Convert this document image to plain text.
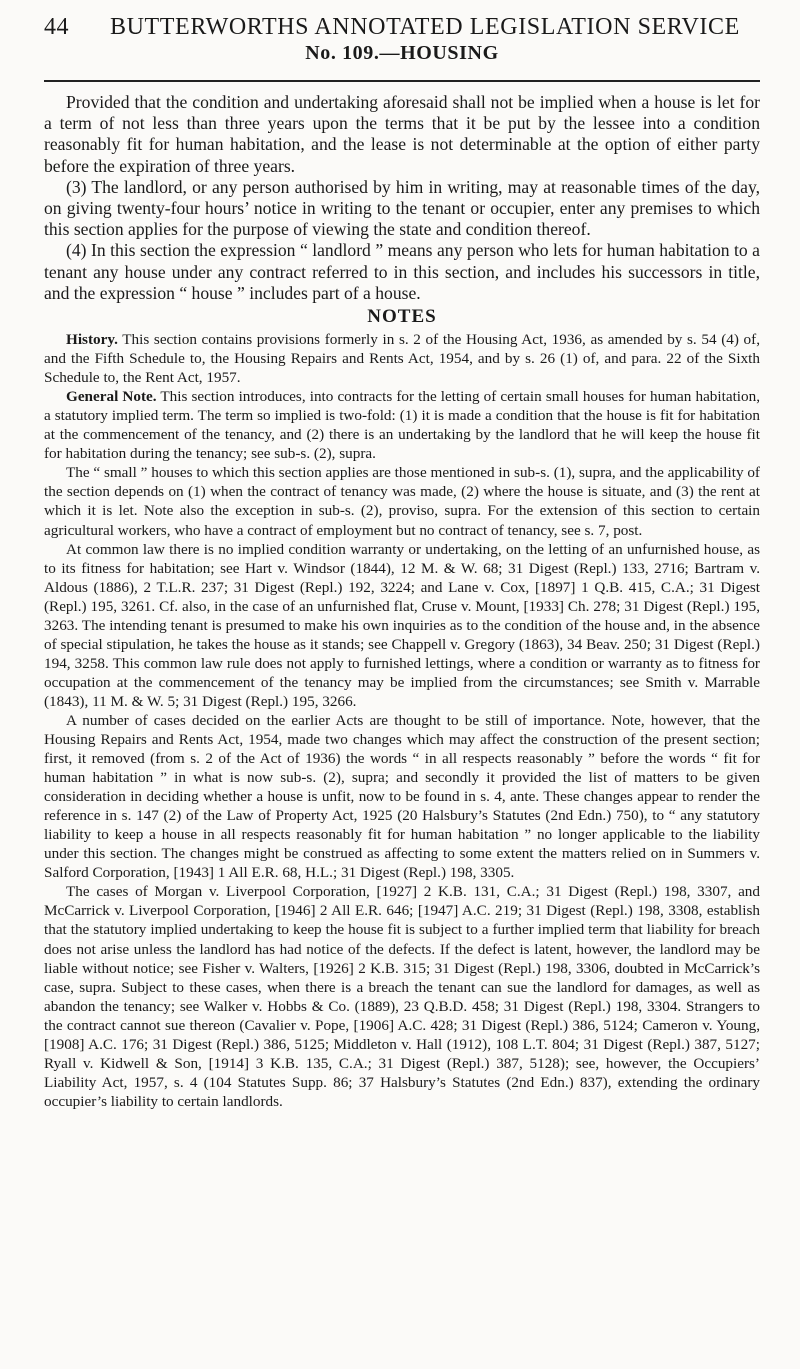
44 BUTTERWORTHS ANNOTATED LEGISLATION SERVICE
No. 109.—HOUSING

Provided that the condition and undertaking aforesaid shall not be implied when a house is let for a term of not less than three years upon the terms that it be put by the lessee into a condition reasonably fit for human habitation, and the lease is not determinable at the option of either party before the expiration of three years.

(3) The landlord, or any person authorised by him in writing, may at reasonable times of the day, on giving twenty-four hours’ notice in writing to the tenant or occupier, enter any premises to which this section applies for the purpose of viewing the state and condition thereof.

(4) In this section the expression “ landlord ” means any person who lets for human habitation to a tenant any house under any contract referred to in this section, and includes his successors in title, and the expression “ house ” includes part of a house.

NOTES

History. This section contains provisions formerly in s. 2 of the Housing Act, 1936, as amended by s. 54 (4) of, and the Fifth Schedule to, the Housing Repairs and Rents Act, 1954, and by s. 26 (1) of, and para. 22 of the Sixth Schedule to, the Rent Act, 1957.

General Note. This section introduces, into contracts for the letting of certain small houses for human habitation, a statutory implied term. The term so implied is two-fold: (1) it is made a condition that the house is fit for habitation at the commencement of the tenancy, and (2) there is an undertaking by the landlord that he will keep the house fit for habitation during the tenancy; see sub-s. (2), supra.

The “ small ” houses to which this section applies are those mentioned in sub-s. (1), supra, and the applicability of the section depends on (1) when the contract of tenancy was made, (2) where the house is situate, and (3) the rent at which it is let. Note also the exception in sub-s. (2), proviso, supra. For the extension of this section to certain agricultural workers, who have a contract of employment but no contract of tenancy, see s. 7, post.

At common law there is no implied condition warranty or undertaking, on the letting of an unfurnished house, as to its fitness for habitation; see Hart v. Windsor (1844), 12 M. & W. 68; 31 Digest (Repl.) 133, 2716; Bartram v. Aldous (1886), 2 T.L.R. 237; 31 Digest (Repl.) 192, 3224; and Lane v. Cox, [1897] 1 Q.B. 415, C.A.; 31 Digest (Repl.) 195, 3261. Cf. also, in the case of an unfurnished flat, Cruse v. Mount, [1933] Ch. 278; 31 Digest (Repl.) 195, 3263. The intending tenant is presumed to make his own inquiries as to the condition of the house and, in the absence of special stipulation, he takes the house as it stands; see Chappell v. Gregory (1863), 34 Beav. 250; 31 Digest (Repl.) 194, 3258. This common law rule does not apply to furnished lettings, where a condition or warranty as to fitness for occupation at the commencement of the tenancy may be implied from the circumstances; see Smith v. Marrable (1843), 11 M. & W. 5; 31 Digest (Repl.) 195, 3266.

A number of cases decided on the earlier Acts are thought to be still of importance. Note, however, that the Housing Repairs and Rents Act, 1954, made two changes which may affect the construction of the present section; first, it removed (from s. 2 of the Act of 1936) the words “ in all respects reasonably ” before the words “ fit for human habitation ” in what is now sub-s. (2), supra; and secondly it provided the list of matters to be given consideration in deciding whether a house is unfit, now to be found in s. 4, ante. These changes appear to render the reference in s. 147 (2) of the Law of Property Act, 1925 (20 Halsbury’s Statutes (2nd Edn.) 750), to “ any statutory liability to keep a house in all respects reasonably fit for human habitation ” no longer applicable to the liability under this section. The changes might be construed as affecting to some extent the matters relied on in Summers v. Salford Corporation, [1943] 1 All E.R. 68, H.L.; 31 Digest (Repl.) 198, 3305.

The cases of Morgan v. Liverpool Corporation, [1927] 2 K.B. 131, C.A.; 31 Digest (Repl.) 198, 3307, and McCarrick v. Liverpool Corporation, [1946] 2 All E.R. 646; [1947] A.C. 219; 31 Digest (Repl.) 198, 3308, establish that the statutory implied undertaking to keep the house fit is subject to a further implied term that liability for breach does not arise unless the landlord has had notice of the defects. If the defect is latent, however, the landlord may be liable without notice; see Fisher v. Walters, [1926] 2 K.B. 315; 31 Digest (Repl.) 198, 3306, doubted in McCarrick’s case, supra. Subject to these cases, when there is a breach the tenant can sue the landlord for damages, as well as abandon the tenancy; see Walker v. Hobbs & Co. (1889), 23 Q.B.D. 458; 31 Digest (Repl.) 198, 3304. Strangers to the contract cannot sue thereon (Cavalier v. Pope, [1906] A.C. 428; 31 Digest (Repl.) 386, 5124; Cameron v. Young, [1908] A.C. 176; 31 Digest (Repl.) 386, 5125; Middleton v. Hall (1912), 108 L.T. 804; 31 Digest (Repl.) 387, 5127; Ryall v. Kidwell & Son, [1914] 3 K.B. 135, C.A.; 31 Digest (Repl.) 387, 5128); see, however, the Occupiers’ Liability Act, 1957, s. 4 (104 Statutes Supp. 86; 37 Halsbury’s Statutes (2nd Edn.) 837), extending the ordinary occupier’s liability to certain landlords.
